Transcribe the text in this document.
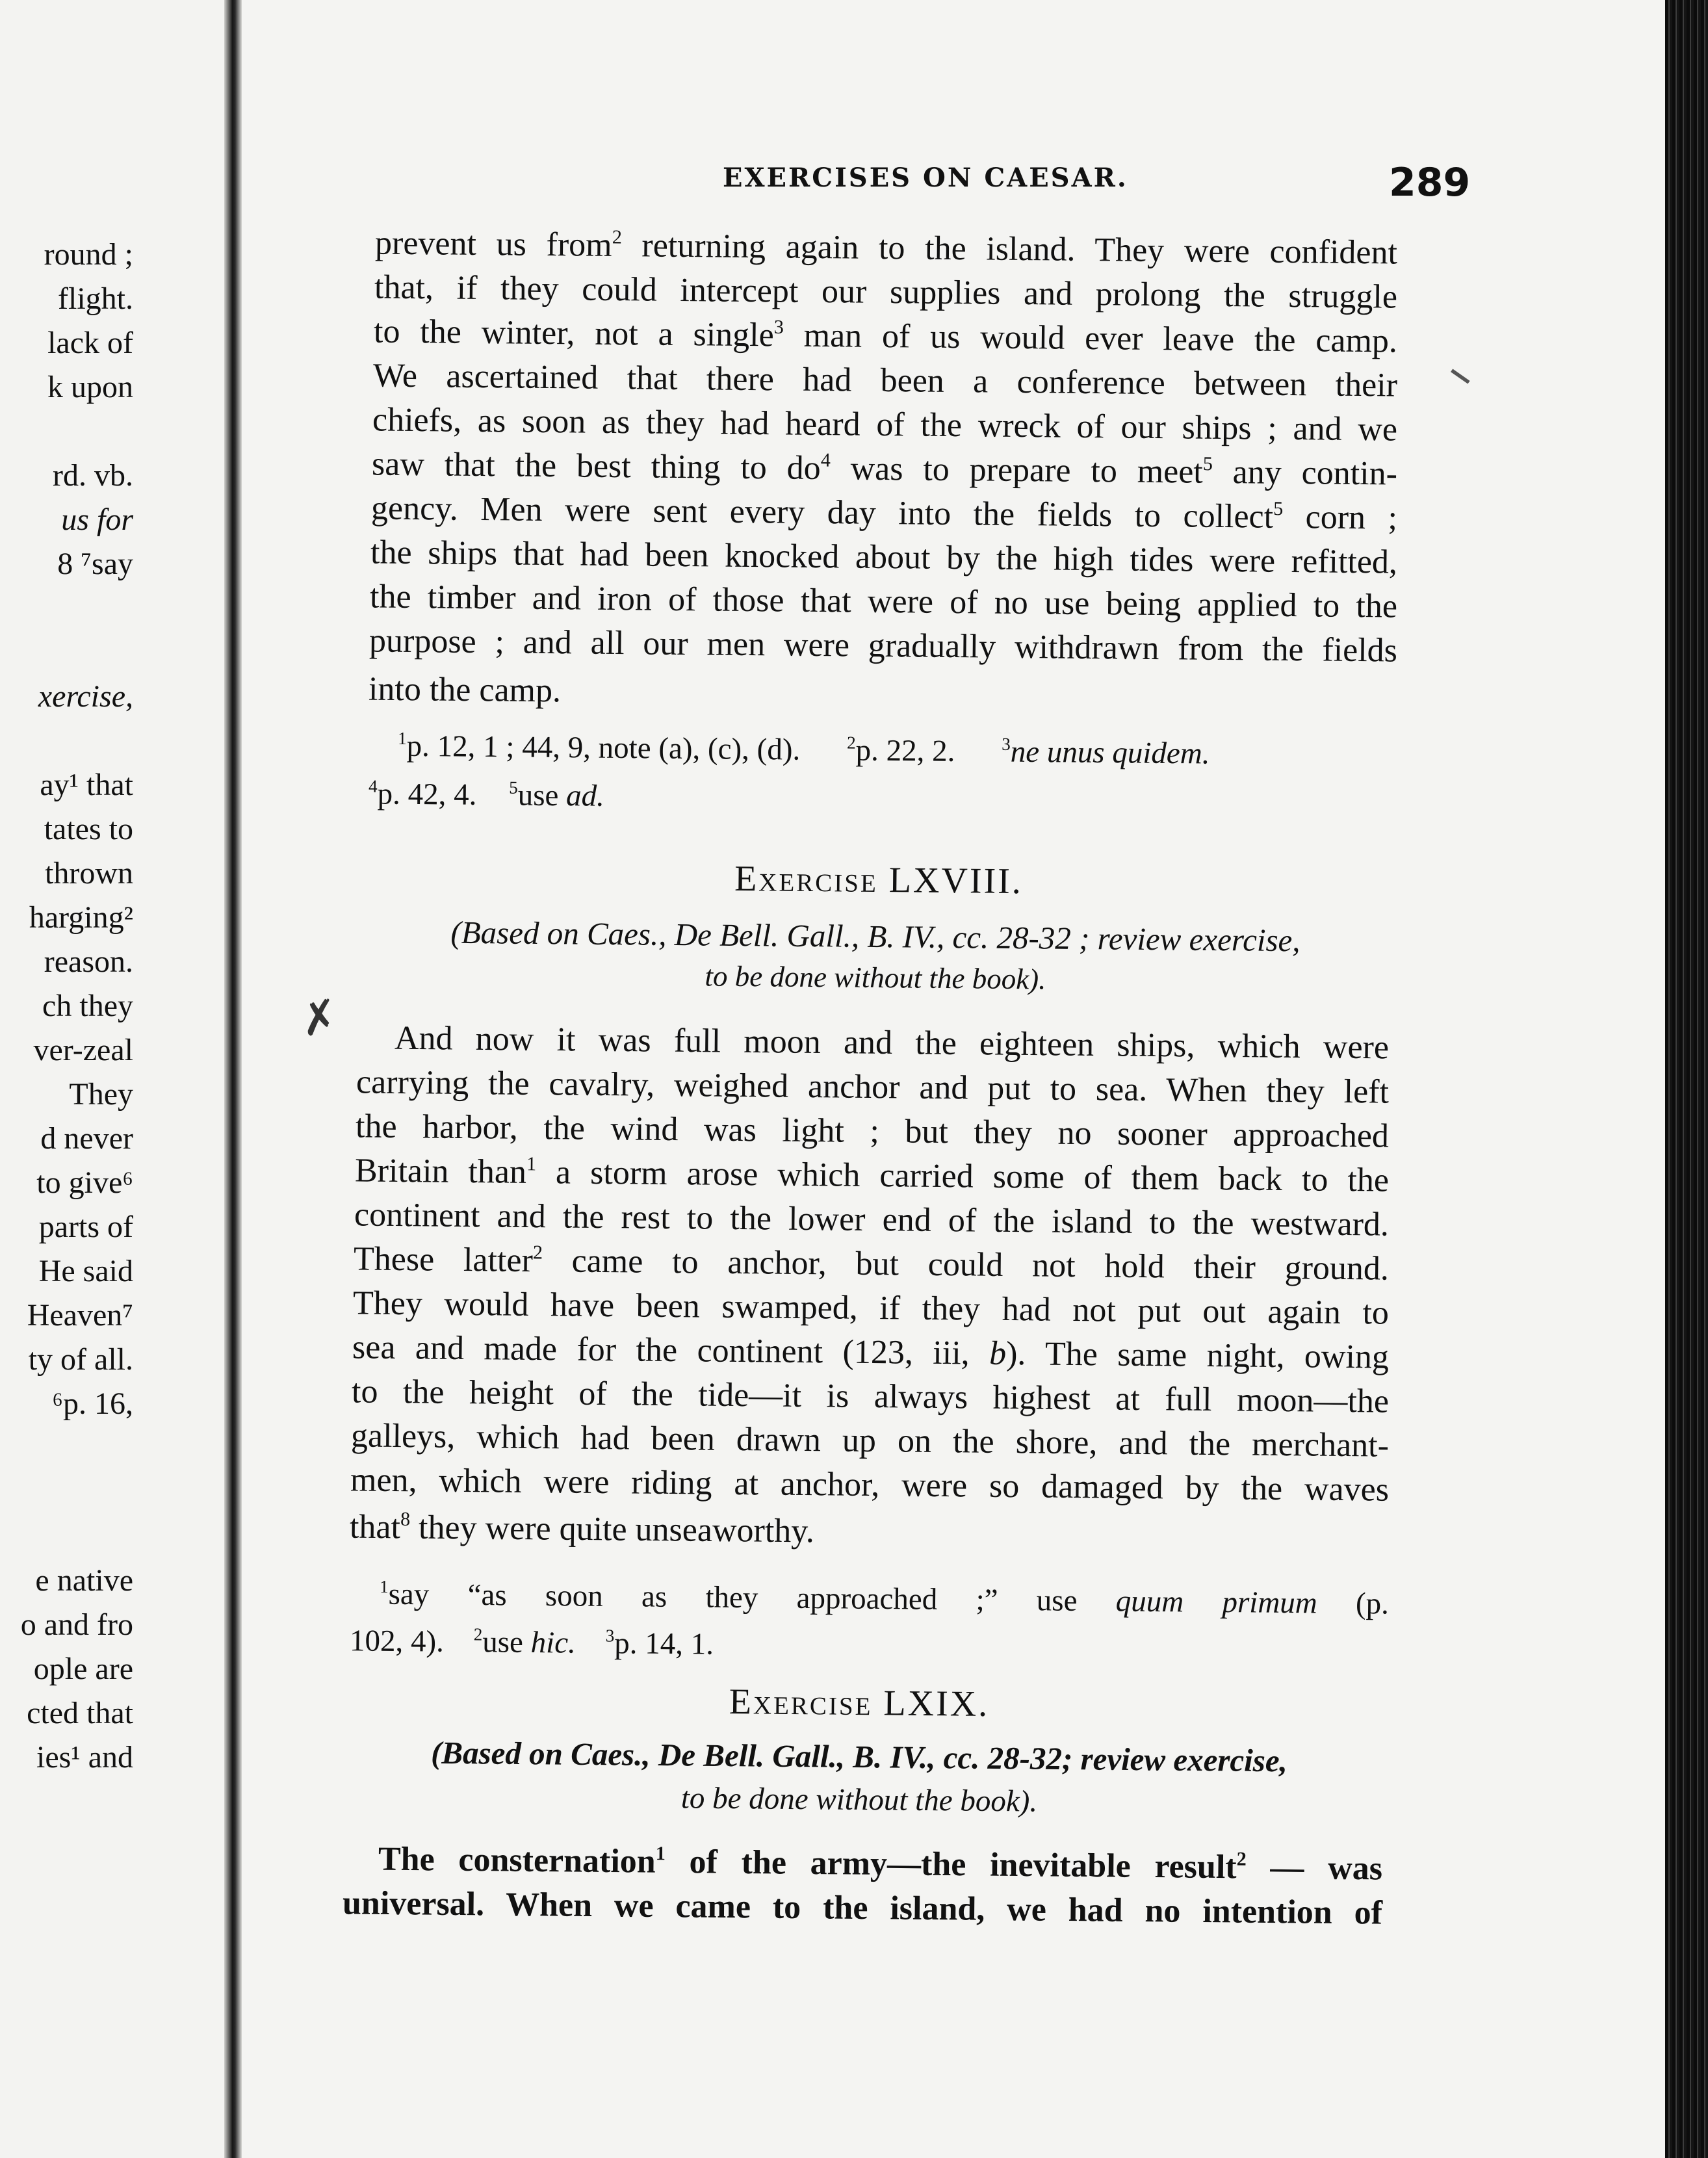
round ;
flight.
lack of
k upon
rd. vb.
us for
8 ⁷say
xercise,
ay¹ that
tates to
thrown
harging²
reason.
ch they
ver-zeal
They
d never
to give⁶
parts of
He said
Heaven⁷
ty of all.
⁶p. 16,
e native
o and fro
ople are
cted that
ies¹ and
EXERCISES ON CAESAR.	289
prevent us from$^2$ returning again to the island. They were confident
that, if they could intercept our supplies and prolong the struggle
to the winter, not a single$^3$ man of us would ever leave the camp.
We ascertained that there had been a conference between their
chiefs, as soon as they had heard of the wreck of our ships ; and we
saw that the best thing to $do^4$ was to prepare to meet$^5$ any contin-
gency. Men were sent every day into the fields to collect$^5$ corn ;
the ships that had been knocked about by the high tides were refitted,
the timber and iron of those that were of no use being applied to the
purpose ; and all our men were gradually withdrawn from the fields
into the camp.
$^1$p. 12, 1 ; 44, 9, note (a), (c), (d).	$^2$p. 22, 2.	$^3$ne unus quidem.
$^4$p. 42, 4. $^5$use ad.
Exercise LXVIII.
(Based on Caes., De Bell. Gall., B. IV., cc. 28-32 ; review exercise,
to be done without the book).
And now it was full moon and the eighteen ships, which were
carrying the cavalry, weighed anchor and put to sea. When they left
the harbor, the wind was light ; but they no sooner approached
Britain than$^1$ a storm arose which carried some of them back to the
continent and the rest to the lower end of the island to the westward.
These latter$^2$ came to anchor, but could not hold their ground.
They would have been swamped, if they had not put out again to
sea and made for the continent (123, iii, b). The same night, owing
to the height of the tide—it is always highest at full moon—the
galleys, which had been drawn up on the shore, and the merchant-
men, which were riding at anchor, were so damaged by the waves
that$^8$ they were quite unseaworthy.
$^1$say “as soon as they approached ;” use quum primum (p.
102, 4). $^2$use hic. $^3$p. 14, 1.
Exercise LXIX.
(Based on Caes., De Bell. Gall., B. IV., cc. 28-32; review exercise,
to be done without the book).
The consternation$^1$ of the army—the inevitable result$^2$ — was
universal. When we came to the island, we had no intention of
✗
–
